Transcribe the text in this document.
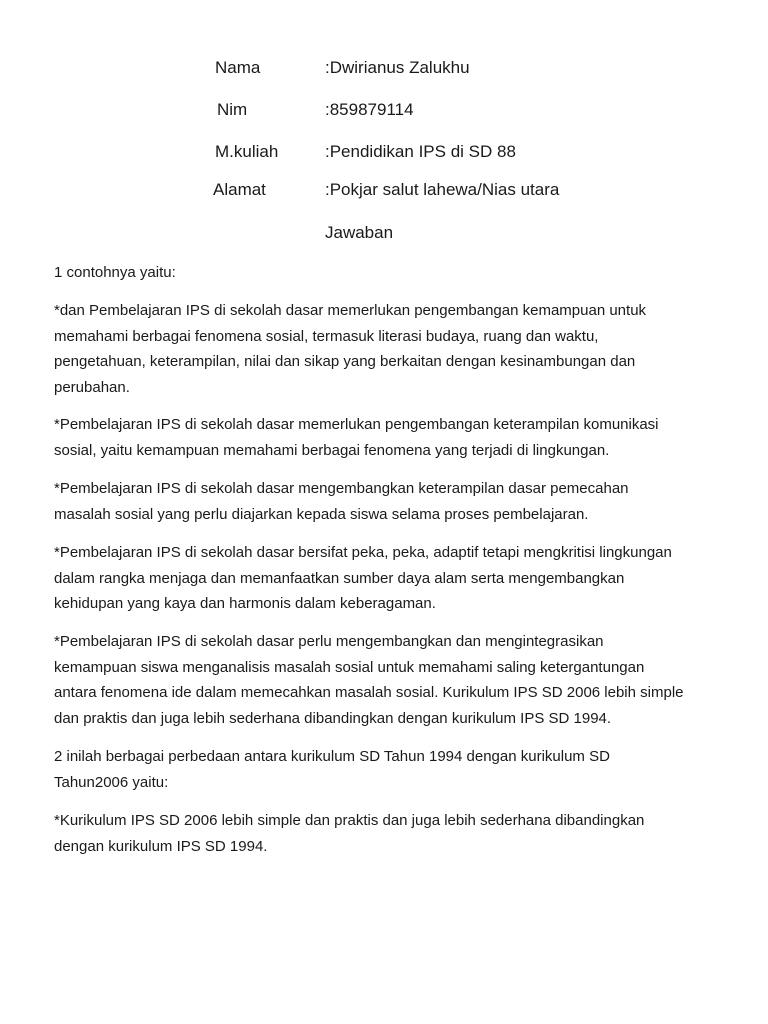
Nama	:Dwirianus Zalukhu
Nim	:859879114
M.kuliah	:Pendidikan IPS di SD 88
Alamat	:Pokjar salut lahewa/Nias utara
Jawaban
1 contohnya yaitu:
*dan Pembelajaran IPS di sekolah dasar memerlukan pengembangan kemampuan untuk
memahami berbagai fenomena sosial, termasuk literasi budaya, ruang dan waktu,
pengetahuan, keterampilan, nilai dan sikap yang berkaitan dengan kesinambungan dan
perubahan.
*Pembelajaran IPS di sekolah dasar memerlukan pengembangan keterampilan komunikasi
sosial, yaitu kemampuan memahami berbagai fenomena yang terjadi di lingkungan.
*Pembelajaran IPS di sekolah dasar mengembangkan keterampilan dasar pemecahan
masalah sosial yang perlu diajarkan kepada siswa selama proses pembelajaran.
*Pembelajaran IPS di sekolah dasar bersifat peka, peka, adaptif tetapi mengkritisi lingkungan
dalam rangka menjaga dan memanfaatkan sumber daya alam serta mengembangkan
kehidupan yang kaya dan harmonis dalam keberagaman.
*Pembelajaran IPS di sekolah dasar perlu mengembangkan dan mengintegrasikan
kemampuan siswa menganalisis masalah sosial untuk memahami saling ketergantungan
antara fenomena ide dalam memecahkan masalah sosial. Kurikulum IPS SD 2006 lebih simple
dan praktis dan juga lebih sederhana dibandingkan dengan kurikulum IPS SD 1994.
2 inilah berbagai perbedaan antara kurikulum SD Tahun 1994 dengan kurikulum SD
Tahun2006 yaitu:
*Kurikulum IPS SD 2006 lebih simple dan praktis dan juga lebih sederhana dibandingkan
dengan kurikulum IPS SD 1994.
